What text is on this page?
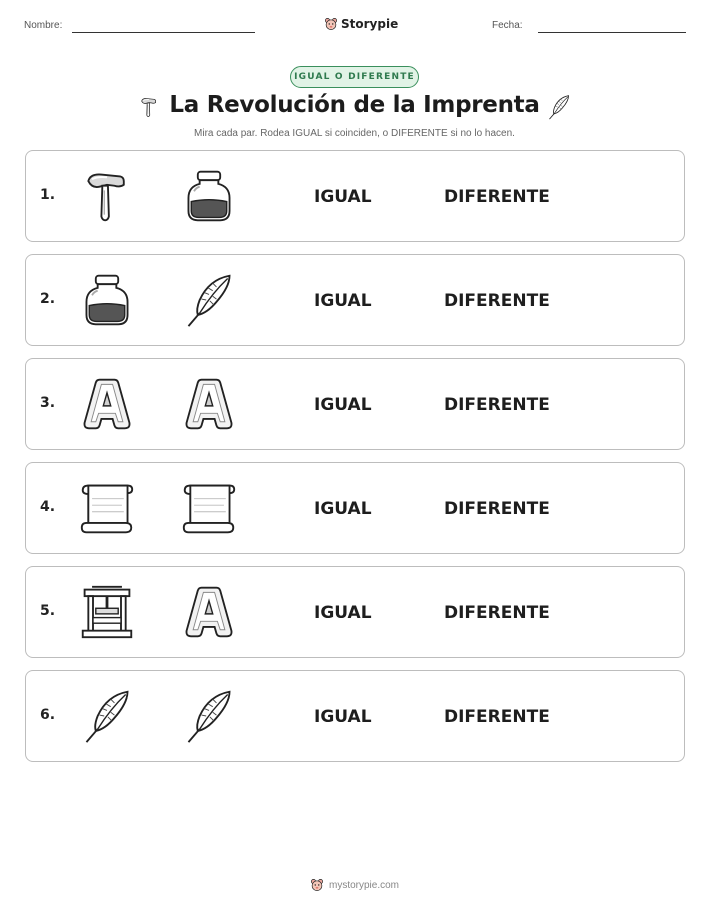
Nombre:	Storypie	Fecha:
IGUAL O DIFERENTE
La Revolución de la Imprenta
Mira cada par. Rodea IGUAL si coinciden, o DIFERENTE si no lo hacen.
1.	IGUAL	DIFERENTE
2.	IGUAL	DIFERENTE
3.	IGUAL	DIFERENTE
4.	IGUAL	DIFERENTE
5.	IGUAL	DIFERENTE
6.	IGUAL	DIFERENTE
mystorypie.com
